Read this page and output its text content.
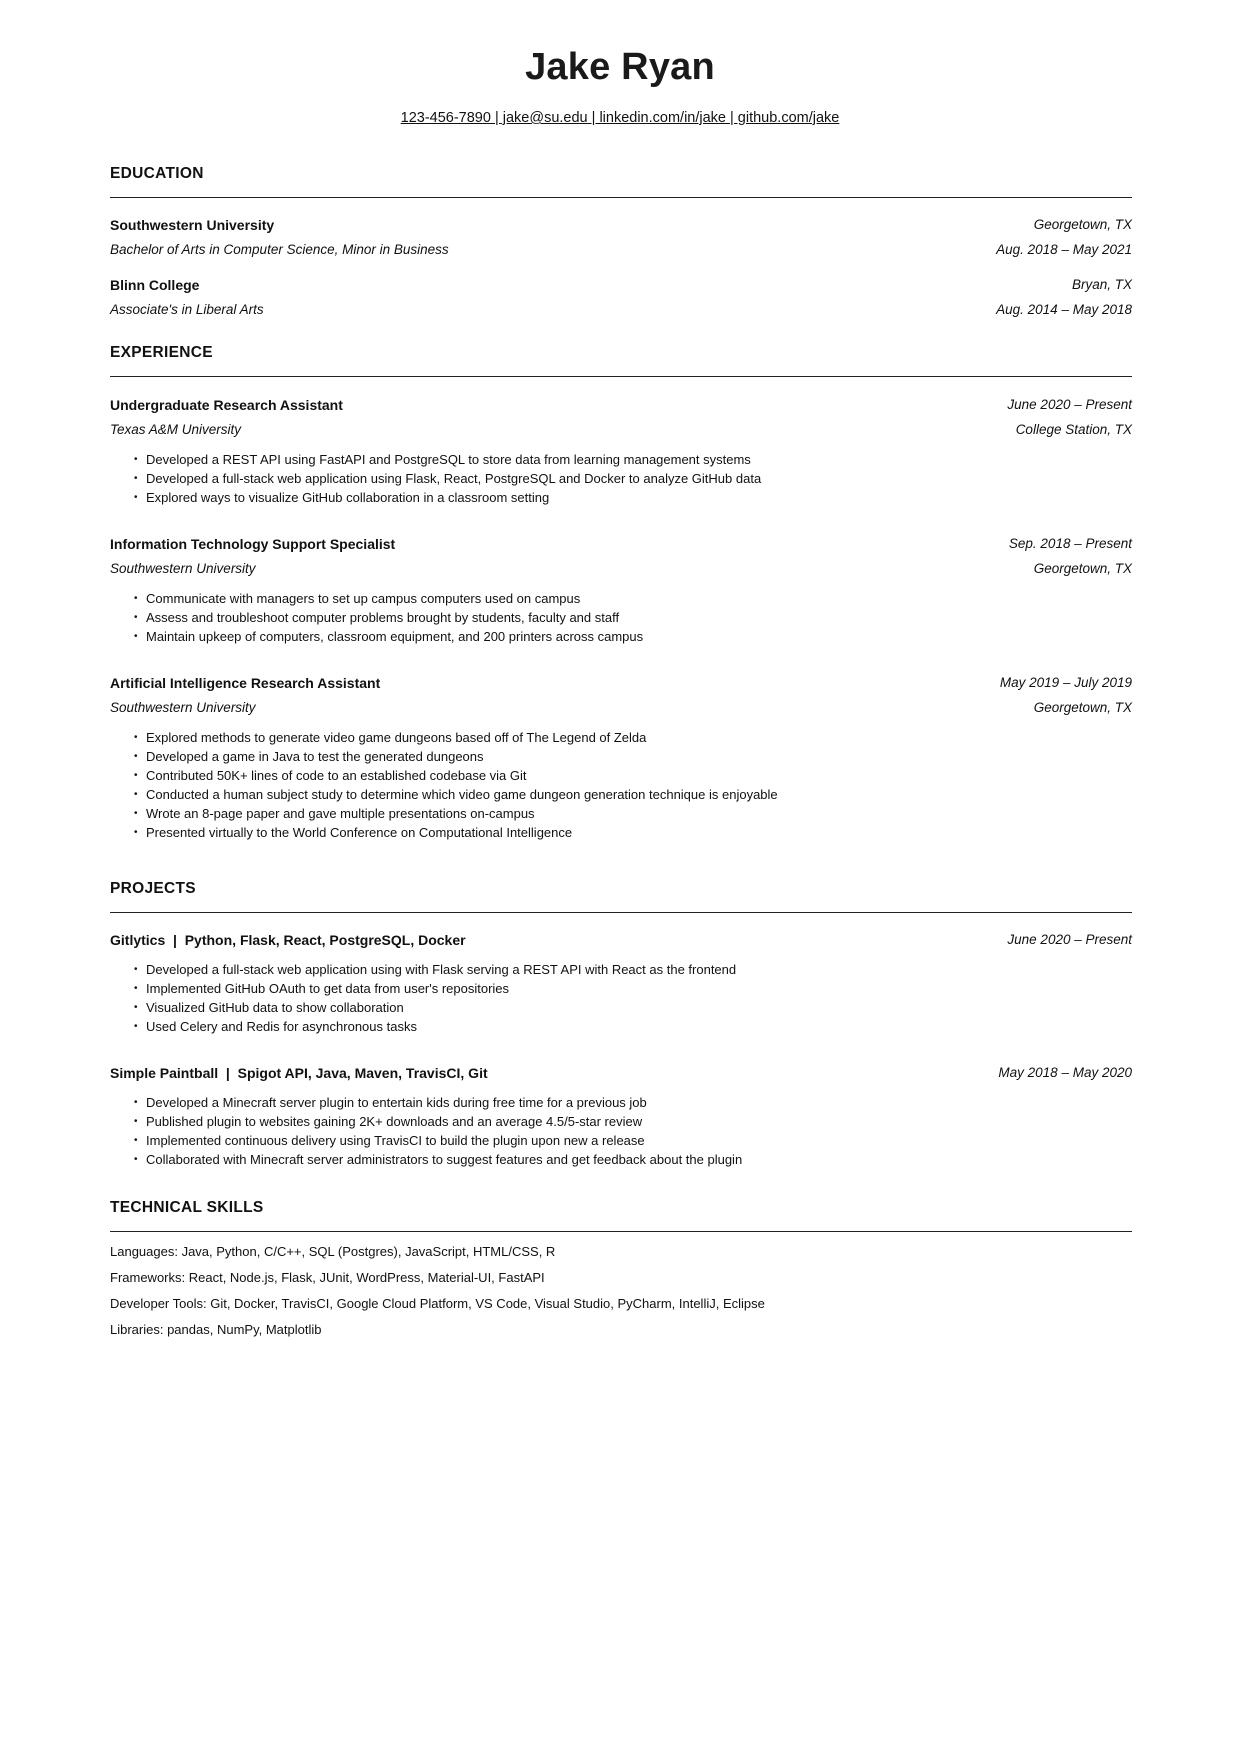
Jake Ryan
123-456-7890 | jake@su.edu | linkedin.com/in/jake | github.com/jake
EDUCATION
Southwestern University	Georgetown, TX
Bachelor of Arts in Computer Science, Minor in Business	Aug. 2018 – May 2021
Blinn College	Bryan, TX
Associate's in Liberal Arts	Aug. 2014 – May 2018
EXPERIENCE
Undergraduate Research Assistant	June 2020 – Present
Texas A&M University	College Station, TX
• Developed a REST API using FastAPI and PostgreSQL to store data from learning management systems
• Developed a full-stack web application using Flask, React, PostgreSQL and Docker to analyze GitHub data
• Explored ways to visualize GitHub collaboration in a classroom setting
Information Technology Support Specialist	Sep. 2018 – Present
Southwestern University	Georgetown, TX
• Communicate with managers to set up campus computers used on campus
• Assess and troubleshoot computer problems brought by students, faculty and staff
• Maintain upkeep of computers, classroom equipment, and 200 printers across campus
Artificial Intelligence Research Assistant	May 2019 – July 2019
Southwestern University	Georgetown, TX
• Explored methods to generate video game dungeons based off of The Legend of Zelda
• Developed a game in Java to test the generated dungeons
• Contributed 50K+ lines of code to an established codebase via Git
• Conducted a human subject study to determine which video game dungeon generation technique is enjoyable
• Wrote an 8-page paper and gave multiple presentations on-campus
• Presented virtually to the World Conference on Computational Intelligence
PROJECTS
Gitlytics  |  Python, Flask, React, PostgreSQL, Docker	June 2020 – Present
• Developed a full-stack web application using with Flask serving a REST API with React as the frontend
• Implemented GitHub OAuth to get data from user's repositories
• Visualized GitHub data to show collaboration
• Used Celery and Redis for asynchronous tasks
Simple Paintball  |  Spigot API, Java, Maven, TravisCI, Git	May 2018 – May 2020
• Developed a Minecraft server plugin to entertain kids during free time for a previous job
• Published plugin to websites gaining 2K+ downloads and an average 4.5/5-star review
• Implemented continuous delivery using TravisCI to build the plugin upon new a release
• Collaborated with Minecraft server administrators to suggest features and get feedback about the plugin
TECHNICAL SKILLS
Languages: Java, Python, C/C++, SQL (Postgres), JavaScript, HTML/CSS, R
Frameworks: React, Node.js, Flask, JUnit, WordPress, Material-UI, FastAPI
Developer Tools: Git, Docker, TravisCI, Google Cloud Platform, VS Code, Visual Studio, PyCharm, IntelliJ, Eclipse
Libraries: pandas, NumPy, Matplotlib
